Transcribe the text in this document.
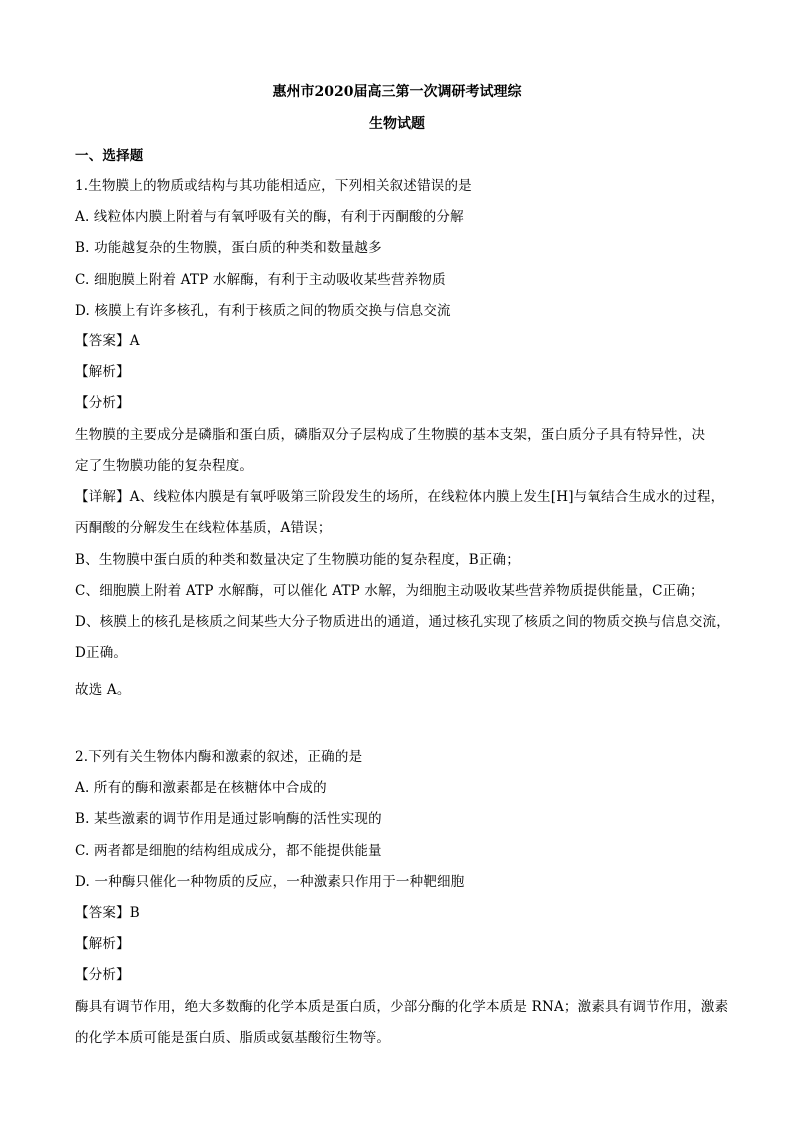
惠州市2020届高三第一次调研考试理综
生物试题
一、选择题
1.生物膜上的物质或结构与其功能相适应，下列相关叙述错误的是
A. 线粒体内膜上附着与有氧呼吸有关的酶，有利于丙酮酸的分解
B. 功能越复杂的生物膜，蛋白质的种类和数量越多
C. 细胞膜上附着 ATP 水解酶，有利于主动吸收某些营养物质
D. 核膜上有许多核孔，有利于核质之间的物质交换与信息交流
【答案】A
【解析】
【分析】
生物膜的主要成分是磷脂和蛋白质，磷脂双分子层构成了生物膜的基本支架，蛋白质分子具有特异性，决
定了生物膜功能的复杂程度。
【详解】A、线粒体内膜是有氧呼吸第三阶段发生的场所，在线粒体内膜上发生[H]与氧结合生成水的过程，
丙酮酸的分解发生在线粒体基质，A错误；
B、生物膜中蛋白质的种类和数量决定了生物膜功能的复杂程度，B正确；
C、细胞膜上附着 ATP 水解酶，可以催化 ATP 水解，为细胞主动吸收某些营养物质提供能量，C正确；
D、核膜上的核孔是核质之间某些大分子物质进出的通道，通过核孔实现了核质之间的物质交换与信息交流，
D正确。
故选 A。
2.下列有关生物体内酶和激素的叙述，正确的是
A. 所有的酶和激素都是在核糖体中合成的
B. 某些激素的调节作用是通过影响酶的活性实现的
C. 两者都是细胞的结构组成成分，都不能提供能量
D. 一种酶只催化一种物质的反应，一种激素只作用于一种靶细胞
【答案】B
【解析】
【分析】
酶具有调节作用，绝大多数酶的化学本质是蛋白质，少部分酶的化学本质是 RNA；激素具有调节作用，激素
的化学本质可能是蛋白质、脂质或氨基酸衍生物等。
